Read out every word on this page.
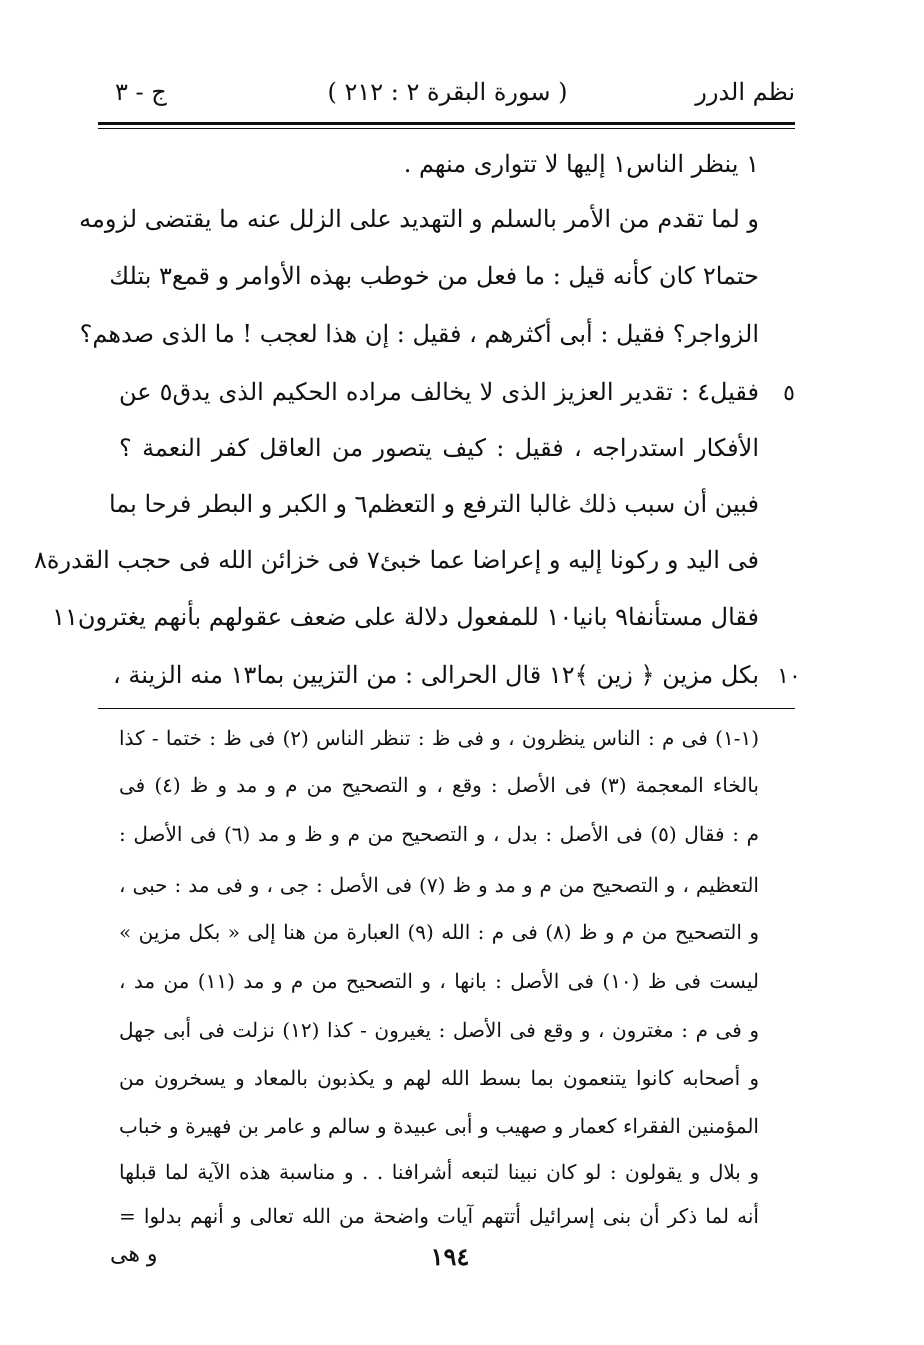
نظم الدرر
( سورة البقرة ٢ : ٢١٢ )
ج - ٣
١ ينظر الناس١ إليها لا تتوارى منهم .
و لما تقدم من الأمر بالسلم و التهديد على الزلل عنه ما يقتضى لزومه
حتما٢ كان كأنه قيل : ما فعل من خوطب بهذه الأوامر و قمع٣ بتلك
الزواجر؟ فقيل : أبى أكثرهم ، فقيل : إن هذا لعجب ! ما الذى صدهم؟
فقيل٤ : تقدير العزيز الذى لا يخالف مراده الحكيم الذى يدق٥ عن
الأفكار استدراجه ، فقيل : كيف يتصور من العاقل كفر النعمة ؟
فبين أن سبب ذلك غالبا الترفع و التعظم٦ و الكبر و البطر فرحا بما
فى اليد و ركونا إليه و إعراضا عما خبئ٧ فى خزائن الله فى حجب القدرة٨
فقال مستأنفا٩ بانيا١٠ للمفعول دلالة على ضعف عقولهم بأنهم يغترون١١
بكل مزين ﴿ زين ﴾١٢ قال الحرالى : من التزيين بما١٣ منه الزينة ،
٥
١٠
(١-١) فى م : الناس ينظرون ، و فى ظ : تنظر الناس (٢) فى ظ : ختما - كذا
بالخاء المعجمة (٣) فى الأصل : وقع ، و التصحيح من م و مد و ظ (٤) فى
م : فقال (٥) فى الأصل : بدل ، و التصحيح من م و ظ و مد (٦) فى الأصل :
التعظيم ، و التصحيح من م و مد و ظ (٧) فى الأصل : جى ، و فى مد : حبى ،
و التصحيح من م و ظ (٨) فى م : الله (٩) العبارة من هنا إلى « بكل مزين »
ليست فى ظ (١٠) فى الأصل : بانها ، و التصحيح من م و مد (١١) من مد ،
و فى م : مغترون ، و وقع فى الأصل : يغيرون - كذا (١٢) نزلت فى أبى جهل
و أصحابه كانوا يتنعمون بما بسط الله لهم و يكذبون بالمعاد و يسخرون من
المؤمنين الفقراء كعمار و صهيب و أبى عبيدة و سالم و عامر بن فهيرة و خباب
و بلال و يقولون : لو كان نبينا لتبعه أشرافنا . . و مناسبة هذه الآية لما قبلها
أنه لما ذكر أن بنى إسرائيل أتتهم آيات واضحة من الله تعالى و أنهم بدلوا =
١٩٤
و هى
